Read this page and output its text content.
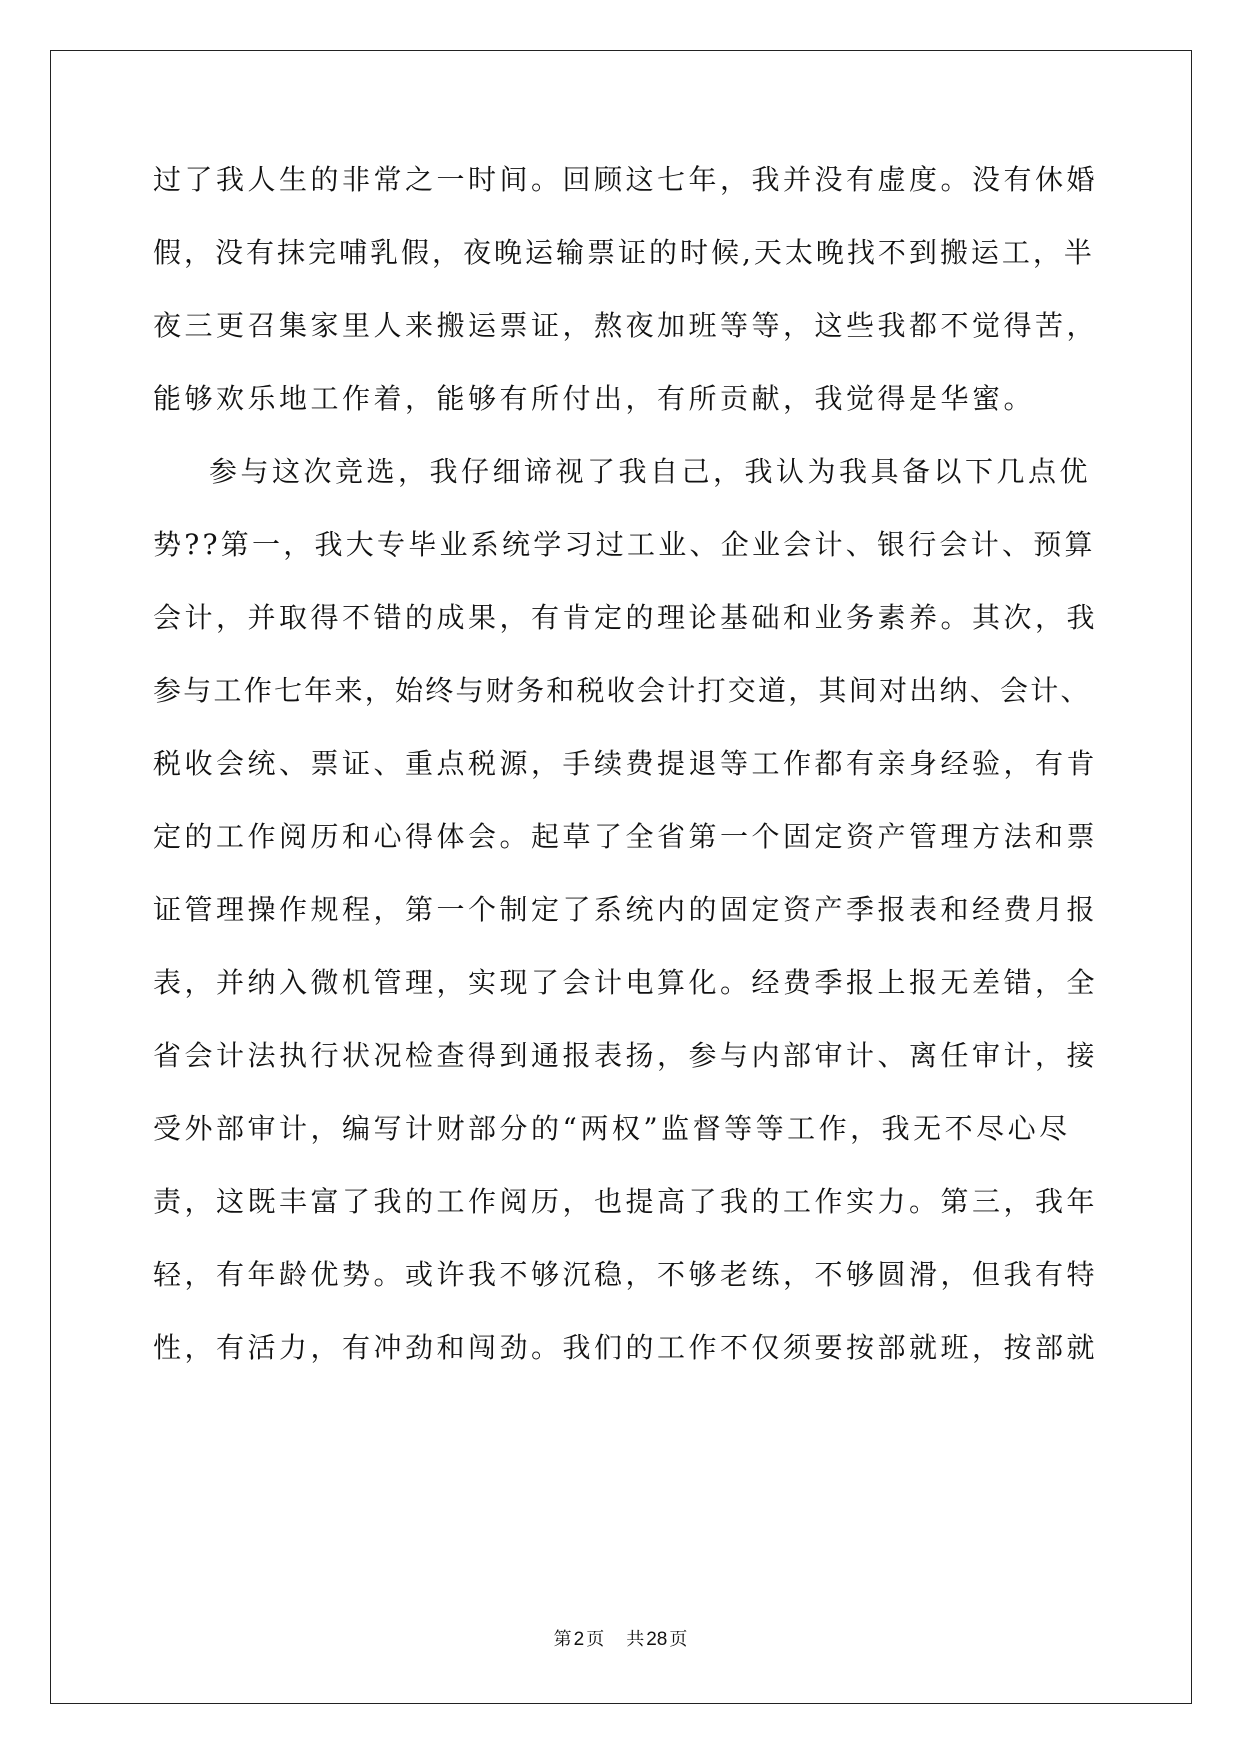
过了我人生的非常之一时间。回顾这七年，我并没有虚度。没有休婚
假，没有抹完哺乳假，夜晚运输票证的时候,天太晚找不到搬运工，半
夜三更召集家里人来搬运票证，熬夜加班等等，这些我都不觉得苦，
能够欢乐地工作着，能够有所付出，有所贡献，我觉得是华蜜。
参与这次竞选，我仔细谛视了我自己，我认为我具备以下几点优
势??第一，我大专毕业系统学习过工业、企业会计、银行会计、预算
会计，并取得不错的成果，有肯定的理论基础和业务素养。其次，我
参与工作七年来，始终与财务和税收会计打交道，其间对出纳、会计、
税收会统、票证、重点税源，手续费提退等工作都有亲身经验，有肯
定的工作阅历和心得体会。起草了全省第一个固定资产管理方法和票
证管理操作规程，第一个制定了系统内的固定资产季报表和经费月报
表，并纳入微机管理，实现了会计电算化。经费季报上报无差错，全
省会计法执行状况检查得到通报表扬，参与内部审计、离任审计，接
受外部审计，编写计财部分的“两权”监督等等工作，我无不尽心尽
责，这既丰富了我的工作阅历，也提高了我的工作实力。第三，我年
轻，有年龄优势。或许我不够沉稳，不够老练，不够圆滑，但我有特
性，有活力，有冲劲和闯劲。我们的工作不仅须要按部就班，按部就
第 2 页 共 28 页
